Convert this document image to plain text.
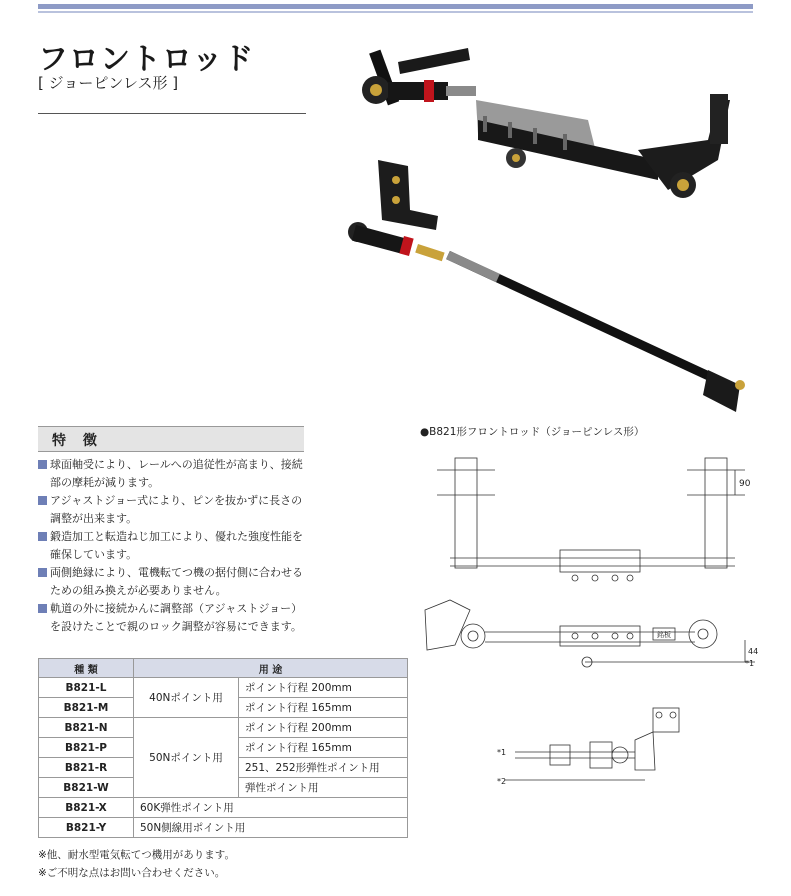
フロントロッド
[ ジョーピンレス形 ]
特 徴
球面軸受により、レールへの追従性が高まり、接続部の摩耗が減ります。
アジャストジョー式により、ピンを抜かずに長さの調整が出来ます。
鍛造加工と転造ねじ加工により、優れた強度性能を確保しています。
両側絶縁により、電機転てつ機の据付側に合わせるための組み換えが必要ありません。
軌道の外に接続かんに調整部（アジャストジョー）を設けたことで親のロック調整が容易にできます。
●B821形フロントロッド（ジョーピンレス形）
90
銘板
44
*1
*1
*2
種 類	用 途	
B821-L	40Nポイント用	ポイント行程 200mm
B821-M		ポイント行程 165mm
B821-N	50Nポイント用	ポイント行程 200mm
B821-P		ポイント行程 165mm
B821-R		251、252形弾性ポイント用
B821-W		弾性ポイント用
B821-X	60K弾性ポイント用	
B821-Y	50N側線用ポイント用	
※他、耐水型電気転てつ機用があります。
※ご不明な点はお問い合わせください。
